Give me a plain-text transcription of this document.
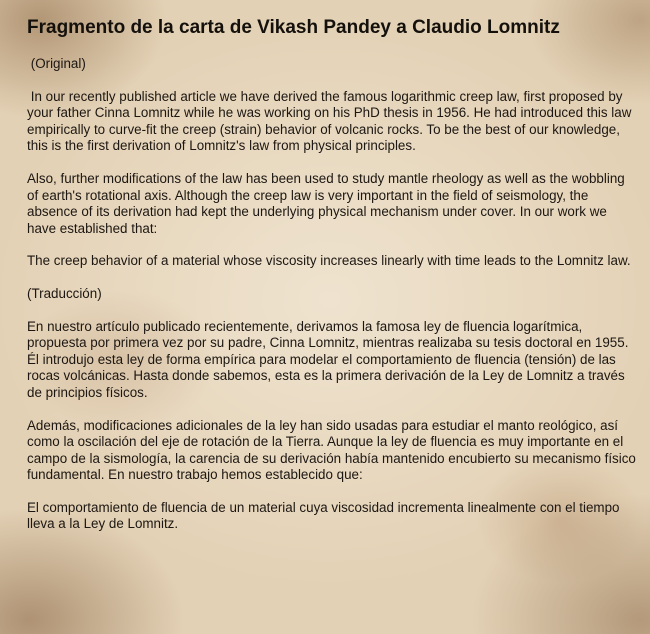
Fragmento de la carta de Vikash Pandey a Claudio Lomnitz

(Original)

In our recently published article we have derived the famous logarithmic creep law, first proposed by your father Cinna Lomnitz while he was working on his PhD thesis in 1956. He had introduced this law empirically to curve-fit the creep (strain) behavior of volcanic rocks. To be the best of our knowledge, this is the first derivation of Lomnitz's law from physical principles.

Also, further modifications of the law has been used to study mantle rheology as well as the wobbling of earth's rotational axis. Although the creep law is very important in the field of seismology, the absence of its derivation had kept the underlying physical mechanism under cover. In our work we have established that:

The creep behavior of a material whose viscosity increases linearly with time leads to the Lomnitz law.

(Traducción)

En nuestro artículo publicado recientemente, derivamos la famosa ley de fluencia logarítmica, propuesta por primera vez por su padre, Cinna Lomnitz, mientras realizaba su tesis doctoral en 1955. Él introdujo esta ley de forma empírica para modelar el comportamiento de fluencia (tensión) de las rocas volcánicas. Hasta donde sabemos, esta es la primera derivación de la Ley de Lomnitz a través de principios físicos.

Además, modificaciones adicionales de la ley han sido usadas para estudiar el manto reológico, así como la oscilación del eje de rotación de la Tierra. Aunque la ley de fluencia es muy importante en el campo de la sismología, la carencia de su derivación había mantenido encubierto su mecanismo físico fundamental. En nuestro trabajo hemos establecido que:

El comportamiento de fluencia de un material cuya viscosidad incrementa linealmente con el tiempo lleva a la Ley de Lomnitz.
